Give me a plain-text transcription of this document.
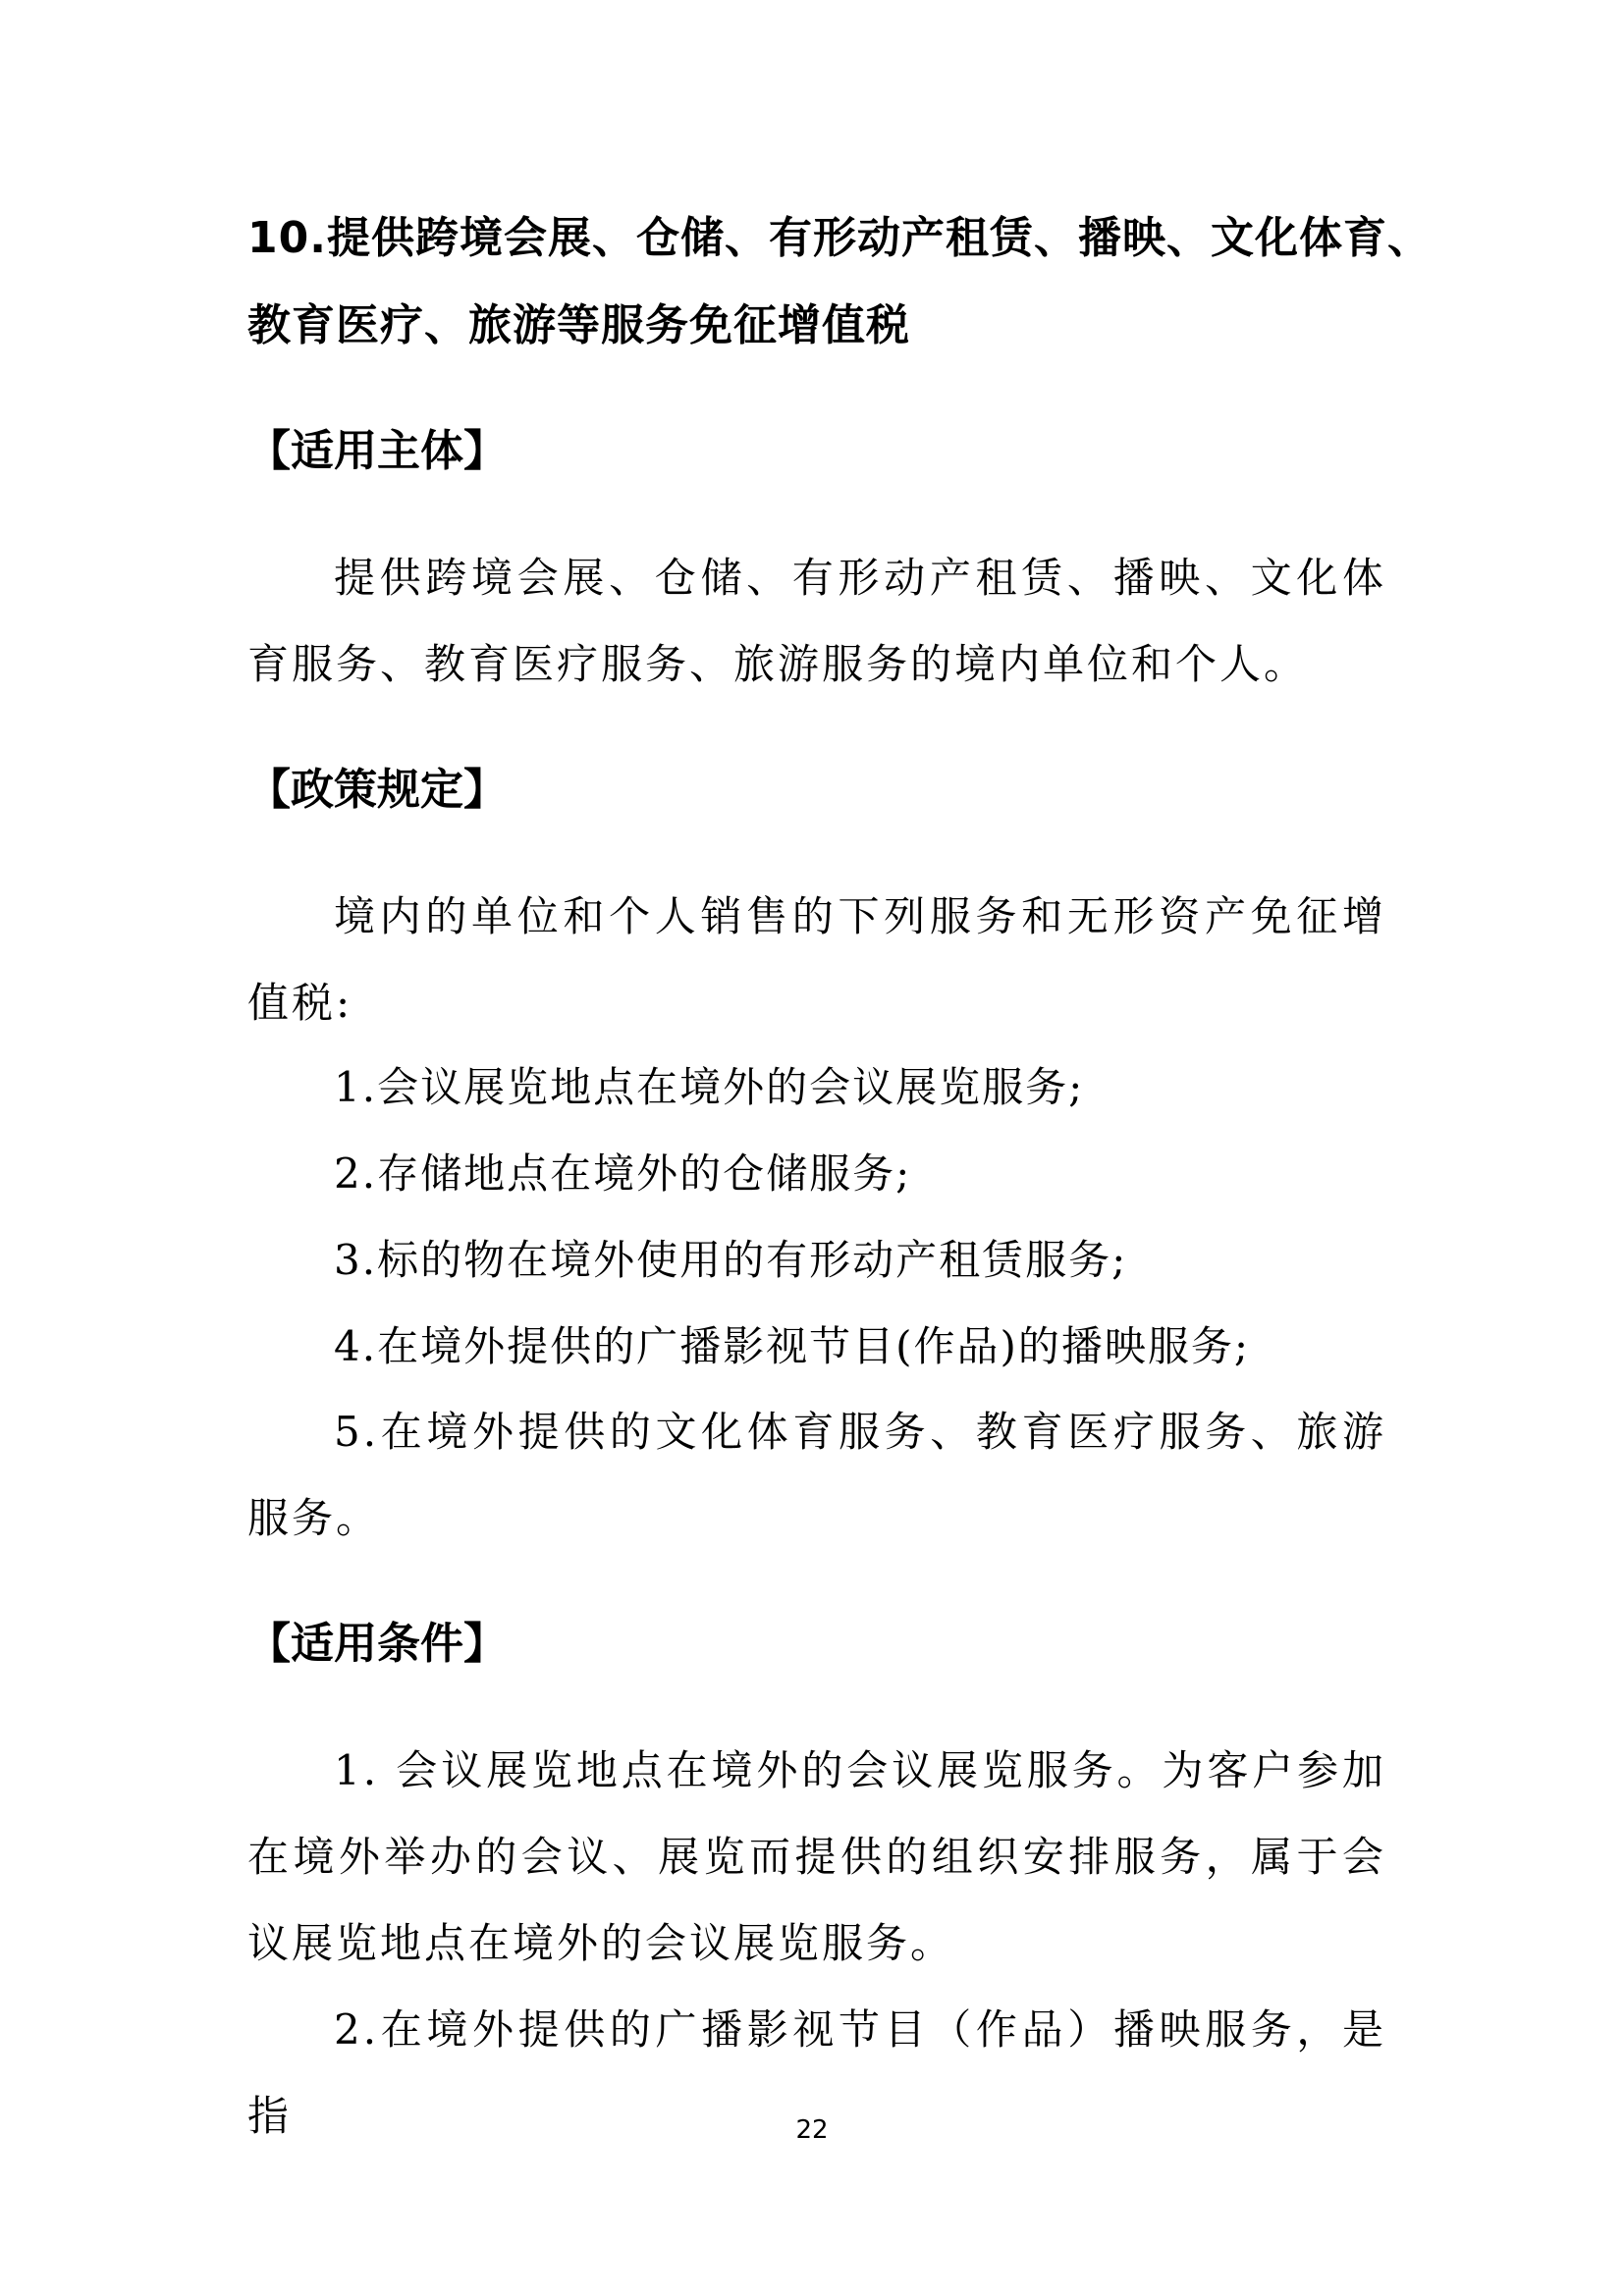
10.提供跨境会展、仓储、有形动产租赁、播映、文化体育、
教育医疗、旅游等服务免征增值税
【适用主体】

提供跨境会展、仓储、有形动产租赁、播映、文化体育服务、教育医疗服务、旅游服务的境内单位和个人。

【政策规定】

境内的单位和个人销售的下列服务和无形资产免征增值税:

1.会议展览地点在境外的会议展览服务;
2.存储地点在境外的仓储服务;
3.标的物在境外使用的有形动产租赁服务;
4.在境外提供的广播影视节目(作品)的播映服务;

5.在境外提供的文化体育服务、教育医疗服务、旅游服务。

【适用条件】

1. 会议展览地点在境外的会议展览服务。为客户参加在境外举办的会议、展览而提供的组织安排服务，属于会议展览地点在境外的会议展览服务。

2.在境外提供的广播影视节目（作品）播映服务，是指	22
